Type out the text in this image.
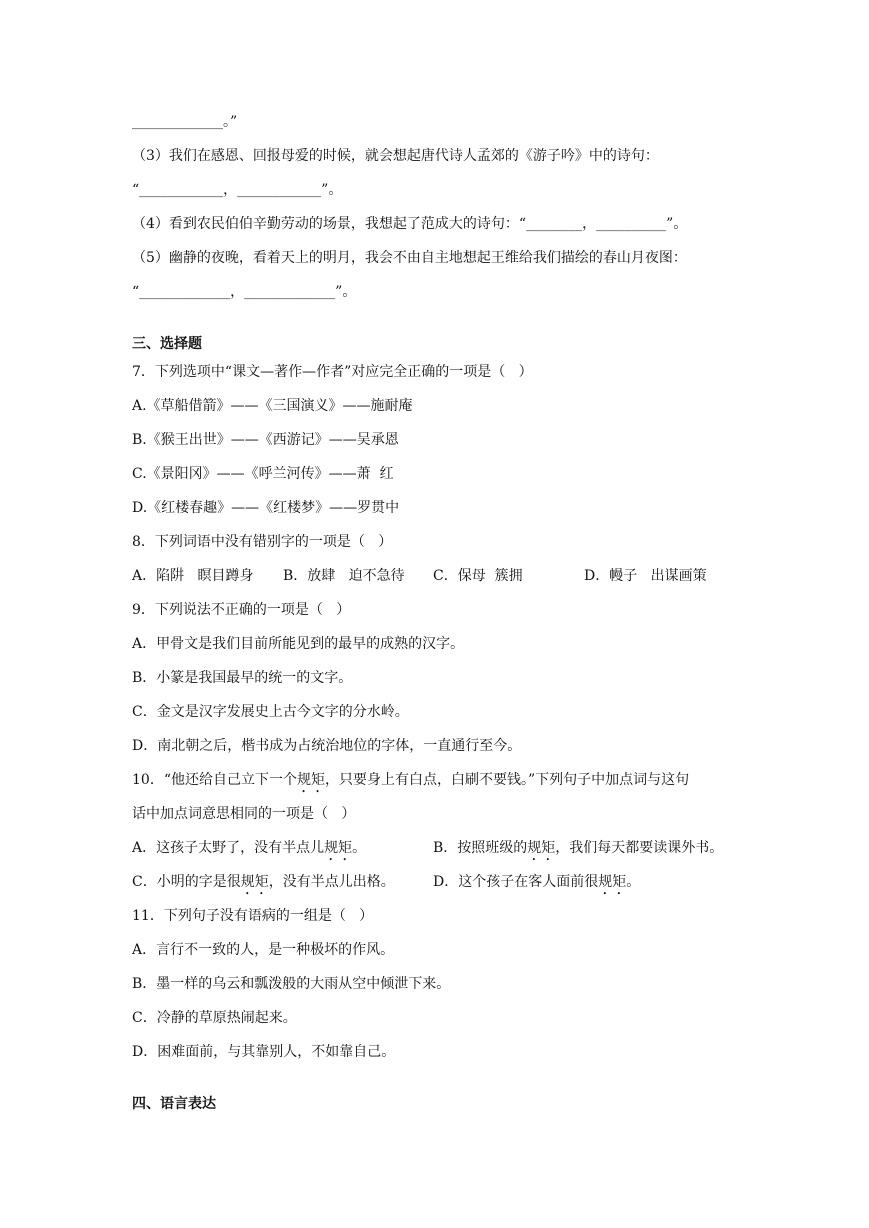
_____________。”
（3）我们在感恩、回报母爱的时候，就会想起唐代诗人孟郊的《游子吟》中的诗句：
“____________，____________”。
（4）看到农民伯伯辛勤劳动的场景，我想起了范成大的诗句：“________，__________”。
（5）幽静的夜晚，看着天上的明月，我会不由自主地想起王维给我们描绘的春山月夜图：
“_____________，_____________”。
三、选择题
7．下列选项中“课文—著作—作者”对应完全正确的一项是（   ）
A.《草船借箭》——《三国演义》——施耐庵
B.《猴王出世》——《西游记》——吴承恩
C.《景阳冈》——《呼兰河传》——萧  红
D.《红楼春趣》——《红楼梦》——罗贯中
8．下列词语中没有错别字的一项是（   ）
A．陷阱   瞑目蹲身 B．放肆   迫不急待 C．保母  簇拥	D．幔子   出谋画策
9．下列说法不正确的一项是（   ）
A．甲骨文是我们目前所能见到的最早的成熟的汉字。
B．小篆是我国最早的统一的文字。
C．金文是汉字发展史上古今文字的分水岭。
D．南北朝之后，楷书成为占统治地位的字体，一直通行至今。
10．“他还给自己立下一个规矩，只要身上有白点，白刷不要钱。”下列句子中加点词与这句
话中加点词意思相同的一项是（   ）
A．这孩子太野了，没有半点儿规矩。	B．按照班级的规矩，我们每天都要读课外书。
C．小明的字是很规矩，没有半点儿出格。	D．这个孩子在客人面前很规矩。
11．下列句子没有语病的一组是（   ）
A．言行不一致的人，是一种极坏的作风。
B．墨一样的乌云和瓢泼般的大雨从空中倾泄下来。
C．冷静的草原热闹起来。
D．困难面前，与其靠别人，不如靠自己。
四、语言表达
